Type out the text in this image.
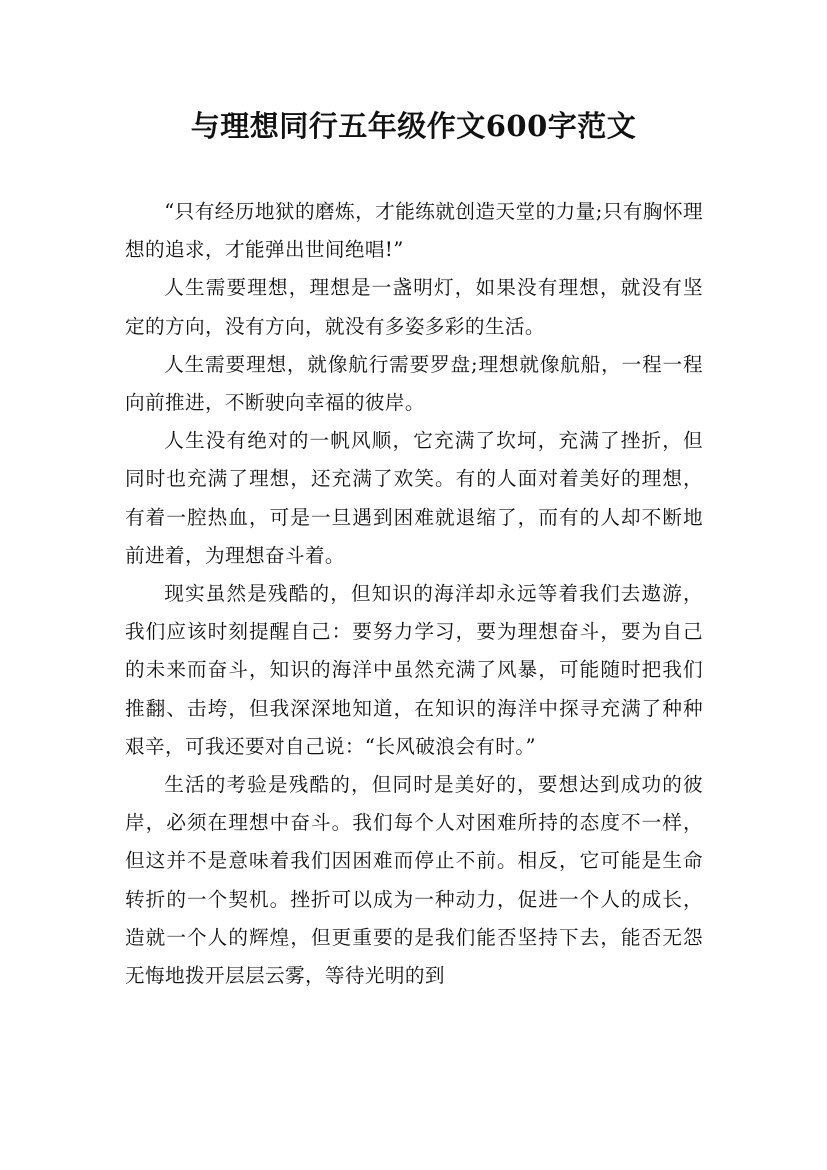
与理想同行五年级作文600字范文

“只有经历地狱的磨炼，才能练就创造天堂的力量;只有胸怀理想的追求，才能弹出世间绝唱!”

人生需要理想，理想是一盏明灯，如果没有理想，就没有坚定的方向，没有方向，就没有多姿多彩的生活。

人生需要理想，就像航行需要罗盘;理想就像航船，一程一程向前推进，不断驶向幸福的彼岸。

人生没有绝对的一帆风顺，它充满了坎坷，充满了挫折，但同时也充满了理想，还充满了欢笑。有的人面对着美好的理想，有着一腔热血，可是一旦遇到困难就退缩了，而有的人却不断地前进着，为理想奋斗着。

现实虽然是残酷的，但知识的海洋却永远等着我们去遨游，我们应该时刻提醒自己：要努力学习，要为理想奋斗，要为自己的未来而奋斗，知识的海洋中虽然充满了风暴，可能随时把我们推翻、击垮，但我深深地知道，在知识的海洋中探寻充满了种种艰辛，可我还要对自己说：“长风破浪会有时。”

生活的考验是残酷的，但同时是美好的，要想达到成功的彼岸，必须在理想中奋斗。我们每个人对困难所持的态度不一样，但这并不是意味着我们因困难而停止不前。相反，它可能是生命转折的一个契机。挫折可以成为一种动力，促进一个人的成长，造就一个人的辉煌，但更重要的是我们能否坚持下去，能否无怨无悔地拨开层层云雾，等待光明的到
